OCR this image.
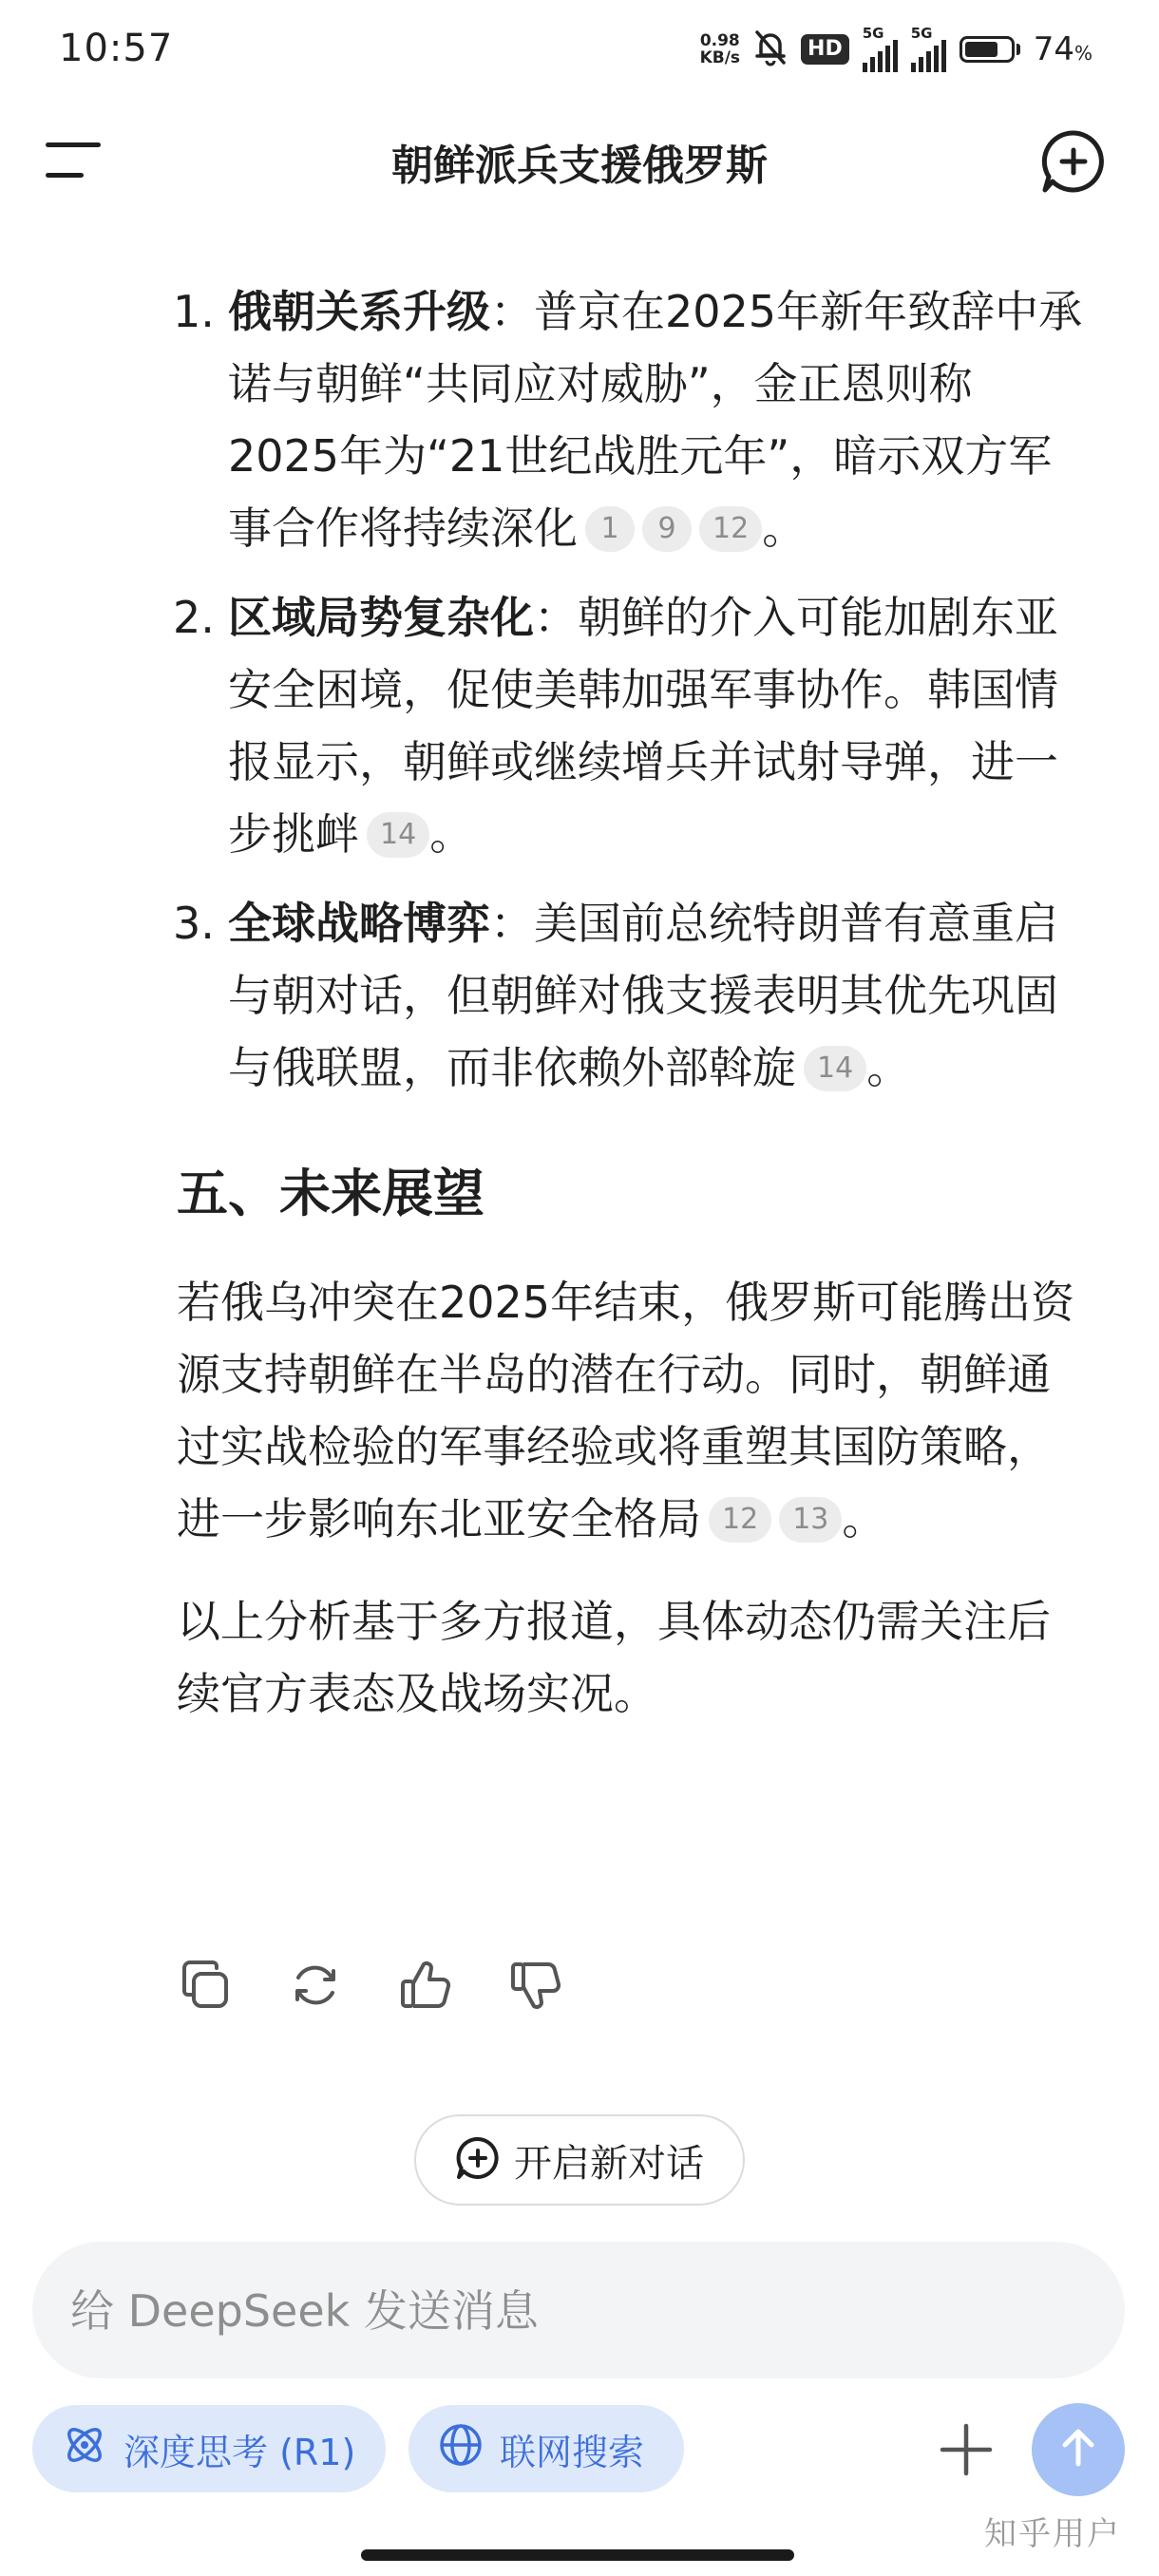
10:57	0.98
KB/s	HD
5G 5G	74%
朝鲜派兵支援俄罗斯
1. 俄朝关系升级：普京在2025年新年致辞中承诺与朝鲜“共同应对威胁”，金正恩则称2025年为“21世纪战胜元年”，暗示双方军事合作将持续深化 1 9 12 。
2. 区域局势复杂化：朝鲜的介入可能加剧东亚安全困境，促使美韩加强军事协作。韩国情报显示，朝鲜或继续增兵并试射导弹，进一步挑衅 14 。
3. 全球战略博弈：美国前总统特朗普有意重启与朝对话，但朝鲜对俄支援表明其优先巩固与俄联盟，而非依赖外部斡旋 14 。
五、未来展望
若俄乌冲突在2025年结束，俄罗斯可能腾出资源支持朝鲜在半岛的潜在行动。同时，朝鲜通过实战检验的军事经验或将重塑其国防策略，进一步影响东北亚安全格局 12 13 。
以上分析基于多方报道，具体动态仍需关注后续官方表态及战场实况。
开启新对话
给 DeepSeek 发送消息
深度思考 (R1)	联网搜索
知乎用户
